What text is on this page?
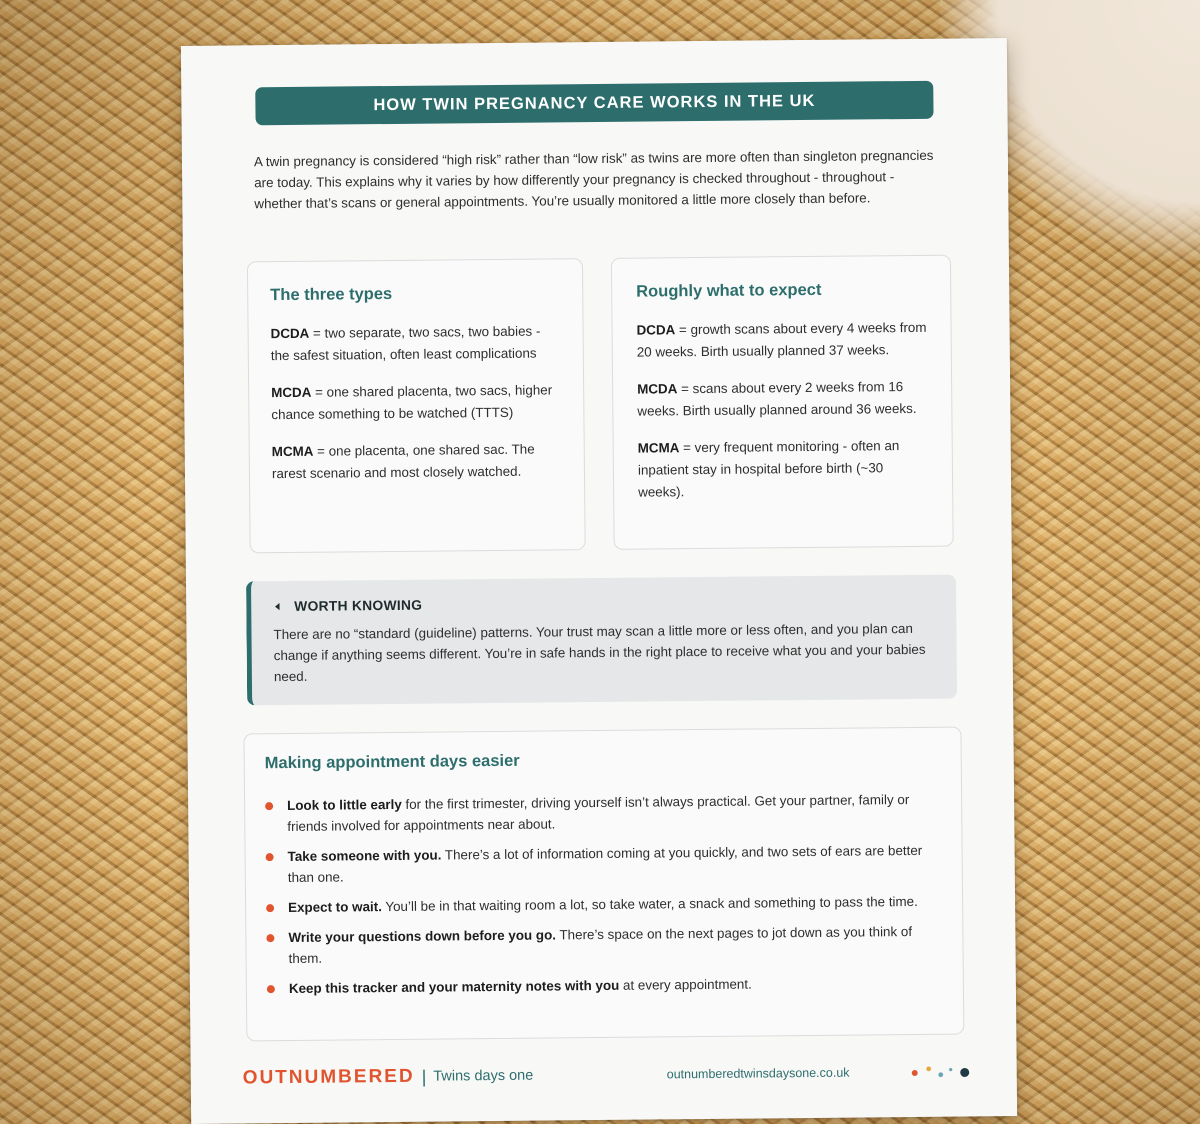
HOW TWIN PREGNANCY CARE WORKS IN THE UK

A twin pregnancy is considered “high risk” rather than “low risk” as twins are more often than singleton pregnancies are today. This explains why it varies by how differently your pregnancy is checked throughout - throughout - whether that’s scans or general appointments. You’re usually monitored a little more closely than before.

The three types

DCDA = two separate, two sacs, two babies - the safest situation, often least complications

MCDA = one shared placenta, two sacs, higher chance something to be watched (TTTS)

MCMA = one placenta, one shared sac. The rarest scenario and most closely watched.

Roughly what to expect

DCDA = growth scans about every 4 weeks from 20 weeks. Birth usually planned 37 weeks.

MCDA = scans about every 2 weeks from 16 weeks. Birth usually planned around 36 weeks.

MCMA = very frequent monitoring - often an inpatient stay in hospital before birth (~30 weeks).

WORTH KNOWING
There are no “standard (guideline) patterns. Your trust may scan a little more or less often, and you plan can change if anything seems different. You’re in safe hands in the right place to receive what you and your babies need.
Making appointment days easier
Look to little early for the first trimester, driving yourself isn’t always practical. Get your partner, family or friends involved for appointments near about.
Take someone with you. There’s a lot of information coming at you quickly, and two sets of ears are better than one.
Expect to wait. You’ll be in that waiting room a lot, so take water, a snack and something to pass the time.
Write your questions down before you go. There’s space on the next pages to jot down as you think of them.
Keep this tracker and your maternity notes with you at every appointment.
OUTNUMBERED | Twins days one	outnumberedtwinsdaysone.co.uk
